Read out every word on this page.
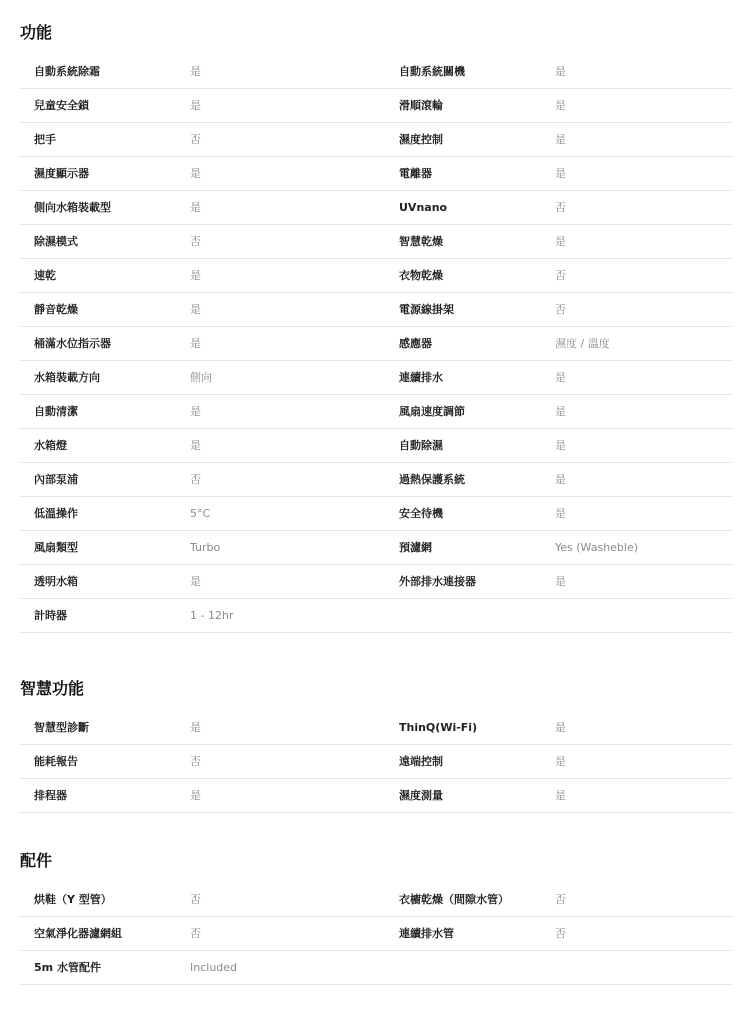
功能
自動系統除霜	是	自動系統關機	是
兒童安全鎖	是	滑順滾輪	是
把手	否	濕度控制	是
濕度顯示器	是	電離器	是
側向水箱裝載型	是	UVnano	否
除濕模式	否	智慧乾燥	是
速乾	是	衣物乾燥	否
靜音乾燥	是	電源線掛架	否
桶滿水位指示器	是	感應器	濕度 / 溫度
水箱裝載方向	側向	連續排水	是
自動清潔	是	風扇速度調節	是
水箱燈	是	自動除濕	是
內部泵浦	否	過熱保護系統	是
低溫操作	5°C	安全待機	是
風扇類型	Turbo	預濾網	Yes (Washeble)
透明水箱	是	外部排水連接器	是
計時器	1 - 12hr
智慧功能
智慧型診斷	是	ThinQ(Wi-Fi)	是
能耗報告	否	遠端控制	是
排程器	是	濕度測量	是
配件
烘鞋（Y 型管）	否	衣櫥乾燥（間隙水管）	否
空氣淨化器濾網組	否	連續排水管	否
5m 水管配件	Included
